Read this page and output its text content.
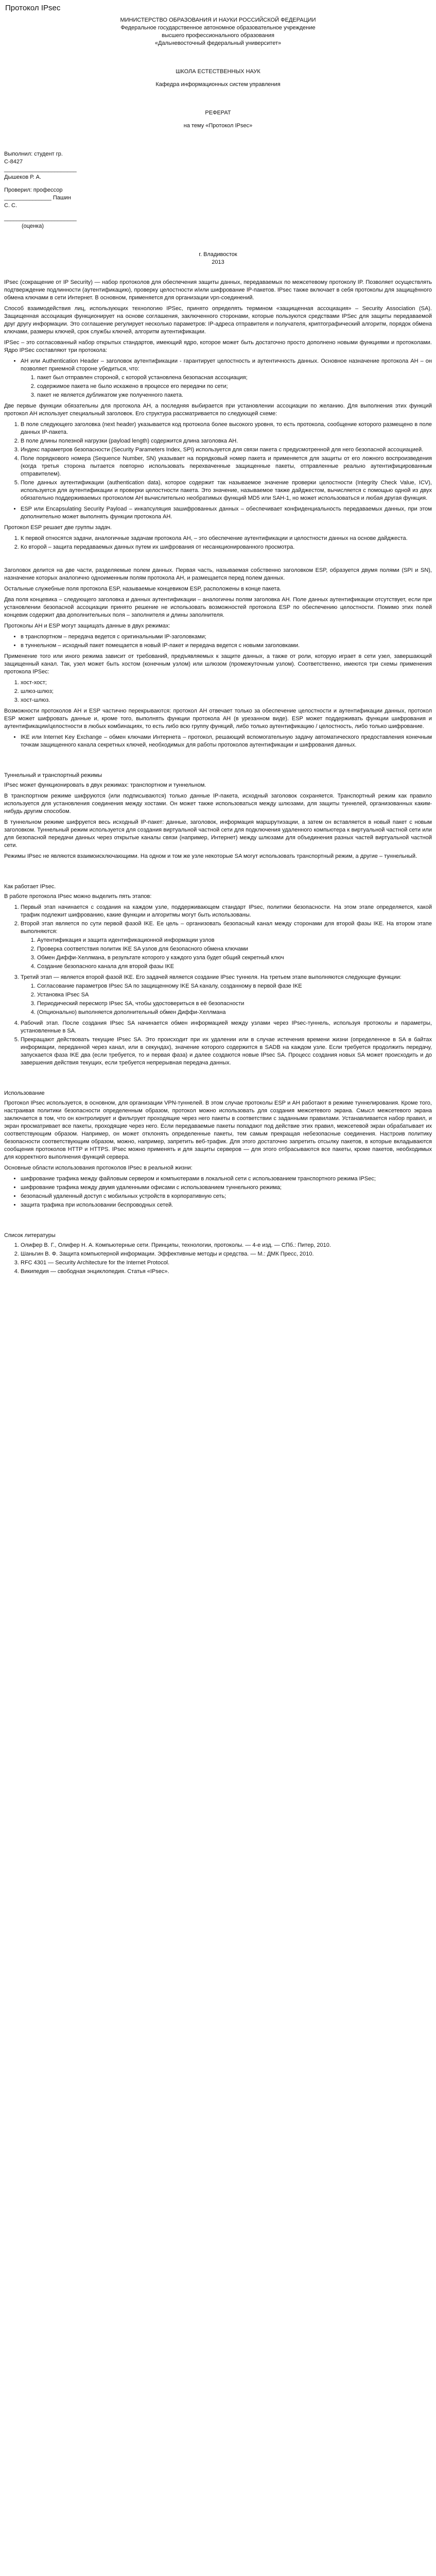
Протокол IPsec
МИНИСТЕРСТВО ОБРАЗОВАНИЯ И НАУКИ РОССИЙСКОЙ ФЕДЕРАЦИИ
Федеральное государственное автономное образовательное учреждение
высшего профессионального образования
«Дальневосточный федеральный университет»
ШКОЛА ЕСТЕСТВЕННЫХ НАУК
Кафедра информационных систем управления
РЕФЕРАТ
на тему «Протокол IPsec»
Выполнил: студент гр.
С-8427
_______________________
Дышеков Р. А.
Проверил: профессор
_______________ Пашин
С. С.
_______________________
(оценка)
г. Владивосток
2013

IPsec (сокращение от IP Security) — набор протоколов для обеспечения защиты данных, передаваемых по межсетевому протоколу IP. Позволяет осуществлять подтверждение подлинности (аутентификацию), проверку целостности и/или шифрование IP-пакетов. IPsec также включает в себя протоколы для защищённого обмена ключами в сети Интернет. В основном, применяется для организации vpn-соединений.

Способ взаимодействия лиц, использующих технологию IPSec, принято определять термином «защищенная ассоциация» – Security Association (SA). Защищенная ассоциация функционирует на основе соглашения, заключенного сторонами, которые пользуются средствами IPSec для защиты передаваемой друг другу информации. Это соглашение регулирует несколько параметров: IP-адреса отправителя и получателя, криптографический алгоритм, порядок обмена ключами, размеры ключей, срок службы ключей, алгоритм аутентификации.

IPSec – это согласованный набор открытых стандартов, имеющий ядро, которое может быть достаточно просто дополнено новыми функциями и протоколами. Ядро IPSec составляют три протокола:

• AH или Authentication Header – заголовок аутентификации - гарантирует целостность и аутентичность данных. Основное назначение протокола AH – он позволяет приемной стороне убедиться, что:
1. пакет был отправлен стороной, с которой установлена безопасная ассоциация;
2. содержимое пакета не было искажено в процессе его передачи по сети;
3. пакет не является дубликатом уже полученного пакета.

Две первые функции обязательны для протокола AH, а последняя выбирается при установлении ассоциации по желанию. Для выполнения этих функций протокол AH использует специальный заголовок. Его структура рассматривается по следующей схеме:

1. В поле следующего заголовка (next header) указывается код протокола более высокого уровня, то есть протокола, сообщение которого размещено в поле данных IP-пакета.
2. В поле длины полезной нагрузки (payload length) содержится длина заголовка AH.
3. Индекс параметров безопасности (Security Parameters Index, SPI) используется для связи пакета с предусмотренной для него безопасной ассоциацией.
4. Поле порядкового номера (Sequence Number, SN) указывает на порядковый номер пакета и применяется для защиты от его ложного воспроизведения (когда третья сторона пытается повторно использовать перехваченные защищенные пакеты, отправленные реально аутентифицированным отправителем).
5. Поле данных аутентификации (authentication data), которое содержит так называемое значение проверки целостности (Integrity Check Value, ICV), используется для аутентификации и проверки целостности пакета. Это значение, называемое также дайджестом, вычисляется с помощью одной из двух обязательно поддерживаемых протоколом AH вычислительно необратимых функций MD5 или SAH-1, но может использоваться и любая другая функция.
• ESP или Encapsulating Security Payload – инкапсуляция зашифрованных данных – обеспечивает конфиденциальность передаваемых данных, при этом дополнительно может выполнять функции протокола AH.

Протокол ESP решает две группы задач.

1. К первой относятся задачи, аналогичные задачам протокола AH, – это обеспечение аутентификации и целостности данных на основе дайджеста.
2. Ко второй – защита передаваемых данных путем их шифрования от несанкционированного просмотра.

Заголовок делится на две части, разделяемые полем данных. Первая часть, называемая собственно заголовком ESP, образуется двумя полями (SPI и SN), назначение которых аналогично одноименным полям протокола AH, и размещается перед полем данных.

Остальные служебные поля протокола ESP, называемые концевиком ESP, расположены в конце пакета.

Два поля концевика – следующего заголовка и данных аутентификации – аналогичны полям заголовка AH. Поле данных аутентификации отсутствует, если при установлении безопасной ассоциации принято решение не использовать возможностей протокола ESP по обеспечению целостности. Помимо этих полей концевик содержит два дополнительных поля – заполнителя и длины заполнителя.

Протоколы AH и ESP могут защищать данные в двух режимах:

• в транспортном – передача ведется с оригинальными IP-заголовками;
• в туннельном – исходный пакет помещается в новый IP-пакет и передача ведется с новыми заголовками.

Применение того или иного режима зависит от требований, предъявляемых к защите данных, а также от роли, которую играет в сети узел, завершающий защищенный канал. Так, узел может быть хостом (конечным узлом) или шлюзом (промежуточным узлом). Соответственно, имеются три схемы применения протокола IPSec:

1. хост-хост;
2. шлюз-шлюз;
3. хост-шлюз.

Возможности протоколов AH и ESP частично перекрываются: протокол AH отвечает только за обеспечение целостности и аутентификации данных, протокол ESP может шифровать данные и, кроме того, выполнять функции протокола AH (в урезанном виде). ESP может поддерживать функции шифрования и аутентификации/целостности в любых комбинациях, то есть либо всю группу функций, либо только аутентификацию / целостность, либо только шифрование.

• IKE или Internet Key Exchange – обмен ключами Интернета – протокол, решающий вспомогательную задачу автоматического предоставления конечным точкам защищенного канала секретных ключей, необходимых для работы протоколов аутентификации и шифрования данных.
Туннельный и транспортный режимы

IPsec может функционировать в двух режимах: транспортном и туннельном.

В транспортном режиме шифруются (или подписываются) только данные IP-пакета, исходный заголовок сохраняется. Транспортный режим как правило используется для установления соединения между хостами. Он может также использоваться между шлюзами, для защиты туннелей, организованных каким-нибудь другим способом.

В туннельном режиме шифруется весь исходный IP-пакет: данные, заголовок, информация маршрутизации, а затем он вставляется в новый пакет с новым заголовком. Туннельный режим используется для создания виртуальной частной сети для подключения удаленного компьютера к виртуальной частной сети или для безопасной передачи данных через открытые каналы связи (например, Интернет) между шлюзами для объединения разных частей виртуальной частной сети.

Режимы IPsec не являются взаимоисключающими. На одном и том же узле некоторые SA могут использовать транспортный режим, а другие – туннельный.

Как работает IPsec.

В работе протокола IPsec можно выделить пять этапов:

1. Первый этап начинается с создания на каждом узле, поддерживающем стандарт IPsec, политики безопасности. На этом этапе определяется, какой трафик подлежит шифрованию, какие функции и алгоритмы могут быть использованы.
2. Второй этап является по сути первой фазой IKE. Ее цель – организовать безопасный канал между сторонами для второй фазы IKE. На втором этапе выполняются:
1. Аутентификация и защита идентификационной информации узлов
2. Проверка соответствия политик IKE SA узлов для безопасного обмена ключами
3. Обмен Диффи-Хеллмана, в результате которого у каждого узла будет общий секретный ключ
4. Создание безопасного канала для второй фазы IKE
3. Третий этап — является второй фазой IKE. Его задачей является создание IPsec туннеля. На третьем этапе выполняются следующие функции:
1. Согласование параметров IPsec SA по защищенному IKE SA каналу, созданному в первой фазе IKE
2. Установка IPsec SA
3. Периодический пересмотр IPsec SA, чтобы удостовериться в её безопасности
4. (Опционально) выполняется дополнительный обмен Диффи-Хеллмана
4. Рабочий этап. После создания IPsec SA начинается обмен информацией между узлами через IPsec-туннель, используя протоколы и параметры, установленные в SA.
5. Прекращают действовать текущие IPsec SA. Это происходит при их удалении или в случае истечения времени жизни (определенное в SA в байтах информации, переданной через канал, или в секундах), значение которого содержится в SADB на каждом узле. Если требуется продолжить передачу, запускается фаза IKE два (если требуется, то и первая фаза) и далее создаются новые IPsec SA. Процесс создания новых SA может происходить и до завершения действия текущих, если требуется непрерывная передача данных.
Использование

Протокол IPsec используется, в основном, для организации VPN-туннелей. В этом случае протоколы ESP и AH работают в режиме туннелирования. Кроме того, настраивая политики безопасности определенным образом, протокол можно использовать для создания межсетевого экрана. Смысл межсетевого экрана заключается в том, что он контролирует и фильтрует проходящие через него пакеты в соответствии с заданными правилами. Устанавливается набор правил, и экран просматривает все пакеты, проходящие через него. Если передаваемые пакеты попадают под действие этих правил, межсетевой экран обрабатывает их соответствующим образом. Например, он может отклонять определенные пакеты, тем самым прекращая небезопасные соединения. Настроив политику безопасности соответствующим образом, можно, например, запретить веб-трафик. Для этого достаточно запретить отсылку пакетов, в которые вкладываются сообщения протоколов HTTP и HTTPS. IPsec можно применять и для защиты серверов — для этого отбрасываются все пакеты, кроме пакетов, необходимых для корректного выполнения функций сервера.

Основные области использования протоколов IPsec в реальной жизни:

• шифрование трафика между файловым сервером и компьютерами в локальной сети с использованием транспортного режима IPSec;
• шифрование трафика между двумя удаленными офисами с использованием туннельного режима;
• безопасный удаленный доступ с мобильных устройств в корпоративную сеть;
• защита трафика при использовании беспроводных сетей.
Список литературы
1. Олифер В. Г., Олифер Н. А. Компьютерные сети. Принципы, технологии, протоколы. — 4-е изд. — СПб.: Питер, 2010.
2. Шаньгин В. Ф. Защита компьютерной информации. Эффективные методы и средства. — М.: ДМК Пресс, 2010.
3. RFC 4301 — Security Architecture for the Internet Protocol.
4. Википедия — свободная энциклопедия. Статья «IPsec».
